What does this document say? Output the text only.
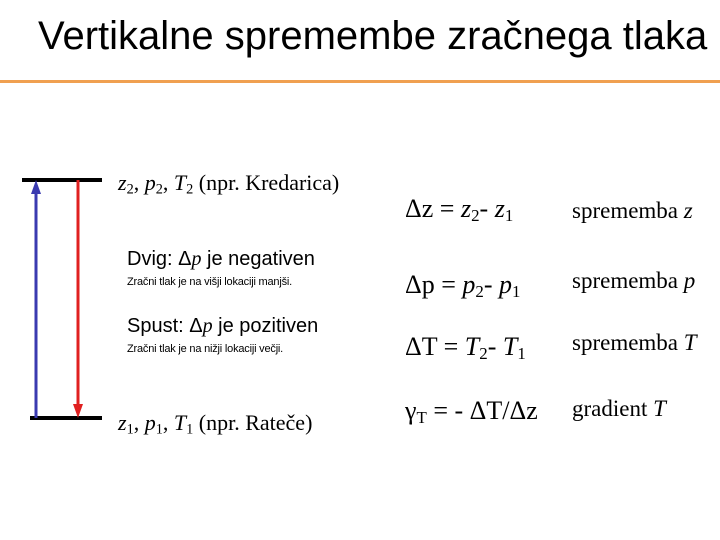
Vertikalne spremembe zračnega tlaka
$z_2$, $p_2$, $T_2$ (npr. Kredarica)
Dvig: Δp je negativen
Zračni tlak je na višji lokaciji manjši.
Spust: Δp je pozitiven
Zračni tlak je na nižji lokaciji večji.
$z_1$, $p_1$, $T_1$ (npr. Rateče)
$\Delta z = z_2-$ $z_1$	sprememba z
$\Delta p = p_2-$ $p_1$ sprememba p
$\Delta T = T_2-$ $T_1$ sprememba T
$\gamma_T$ = - ΔT/Δz gradient T
